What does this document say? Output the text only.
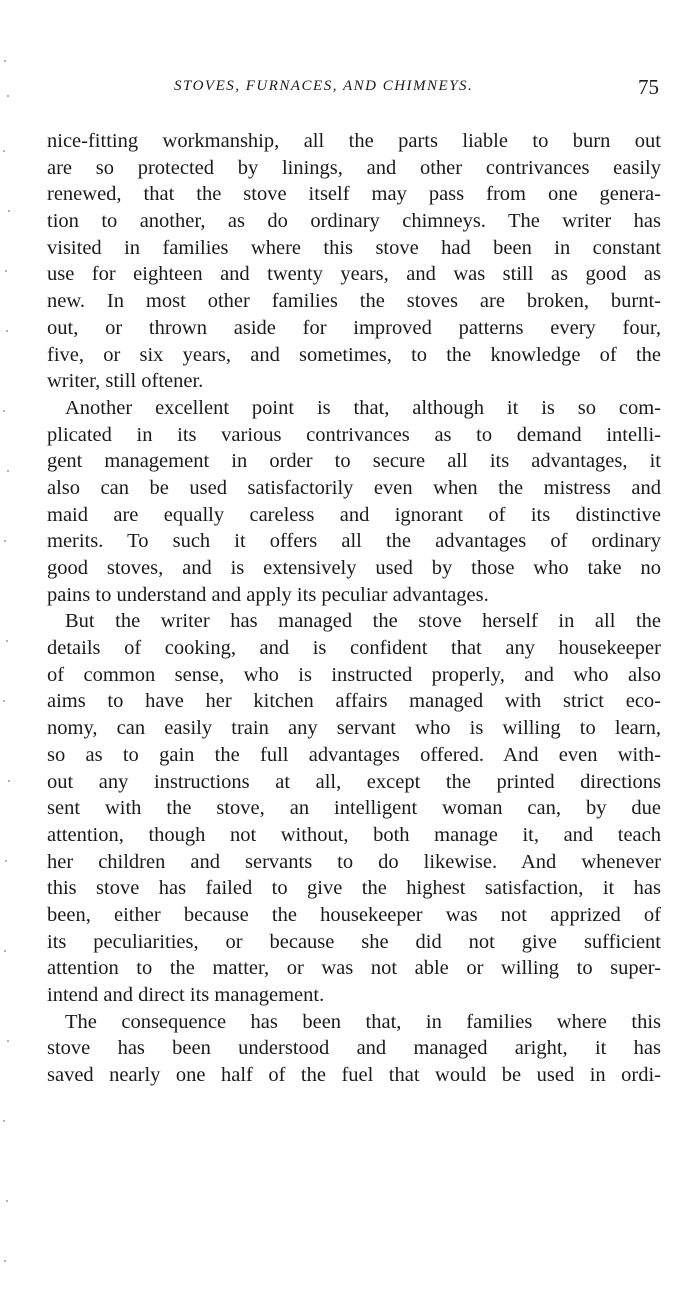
STOVES, FURNACES, AND CHIMNEYS.	75
nice-fitting workmanship, all the parts liable to burn out
are so protected by linings, and other contrivances easily
renewed, that the stove itself may pass from one genera-
tion to another, as do ordinary chimneys. The writer has
visited in families where this stove had been in constant
use for eighteen and twenty years, and was still as good as
new. In most other families the stoves are broken, burnt-
out, or thrown aside for improved patterns every four,
five, or six years, and sometimes, to the knowledge of the
writer, still oftener.
Another excellent point is that, although it is so com-
plicated in its various contrivances as to demand intelli-
gent management in order to secure all its advantages, it
also can be used satisfactorily even when the mistress and
maid are equally careless and ignorant of its distinctive
merits. To such it offers all the advantages of ordinary
good stoves, and is extensively used by those who take no
pains to understand and apply its peculiar advantages.
But the writer has managed the stove herself in all the
details of cooking, and is confident that any housekeeper
of common sense, who is instructed properly, and who also
aims to have her kitchen affairs managed with strict eco-
nomy, can easily train any servant who is willing to learn,
so as to gain the full advantages offered. And even with-
out any instructions at all, except the printed directions
sent with the stove, an intelligent woman can, by due
attention, though not without, both manage it, and teach
her children and servants to do likewise. And whenever
this stove has failed to give the highest satisfaction, it has
been, either because the housekeeper was not apprized of
its peculiarities, or because she did not give sufficient
attention to the matter, or was not able or willing to super-
intend and direct its management.
The consequence has been that, in families where this
stove has been understood and managed aright, it has
saved nearly one half of the fuel that would be used in ordi-
